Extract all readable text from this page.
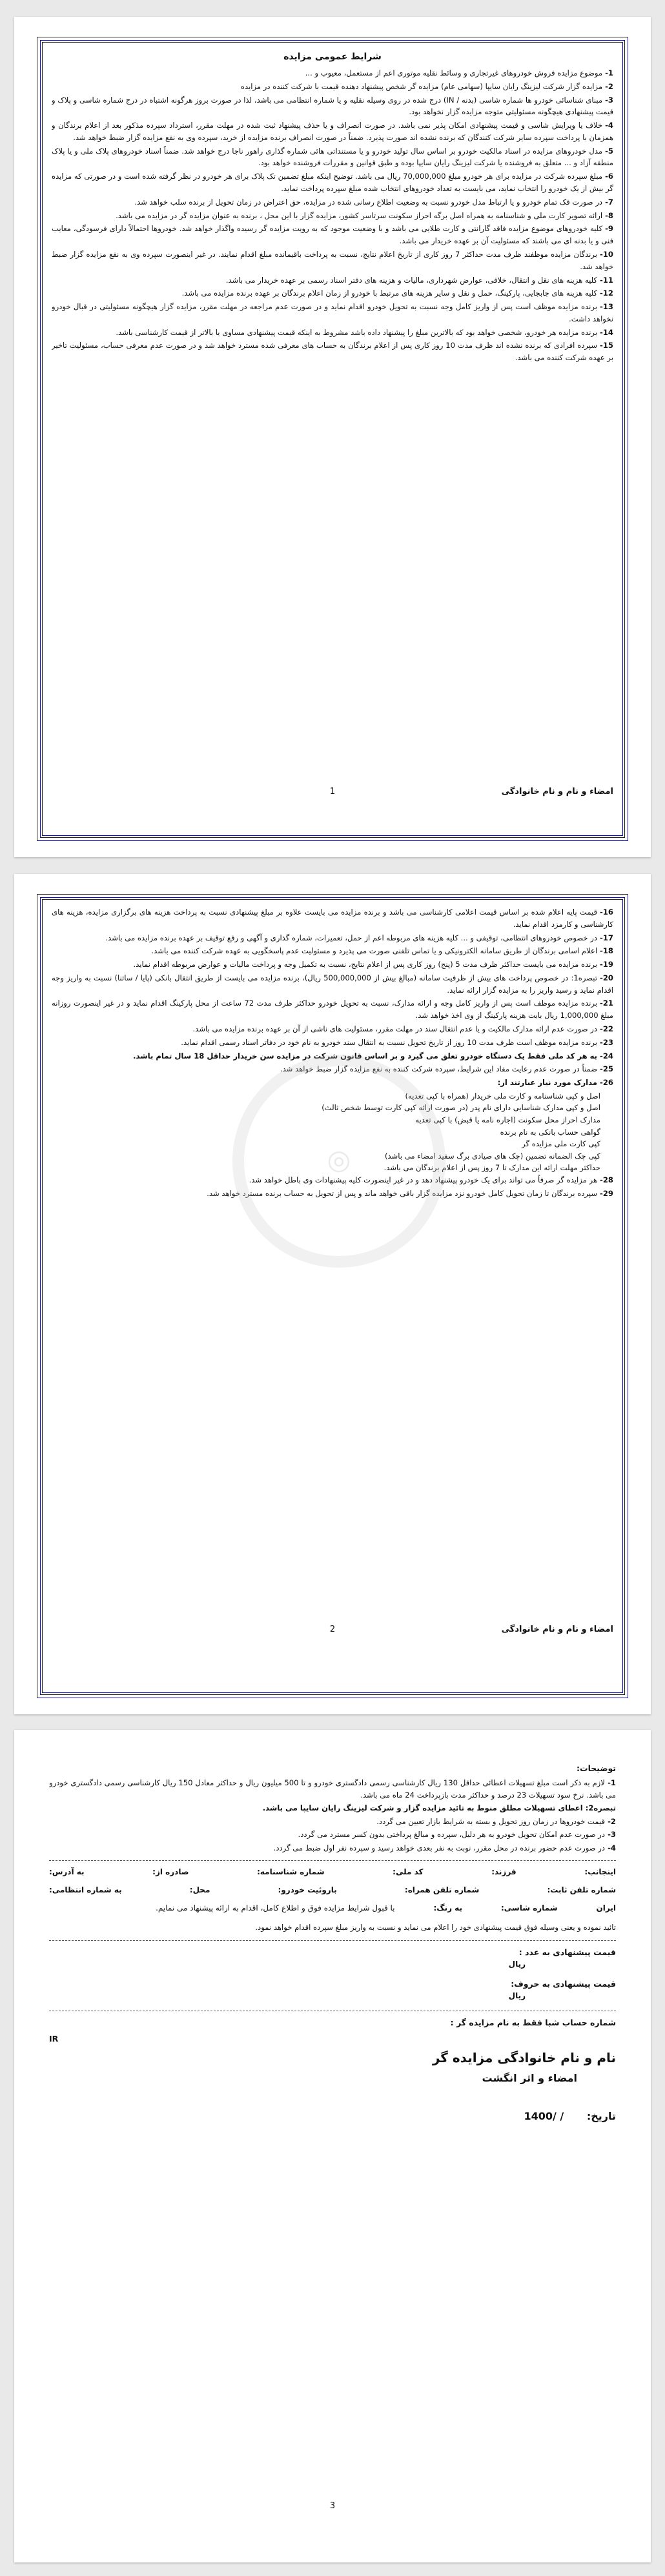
شرایط عمومی مزایده
1-موضوع مزایده فروش خودروهای غیرتجاری و وسائط نقلیه موتوری اعم از مستعمل، معیوب و ...
2-مزایده گزار شرکت لیزینگ رایان سایپا (سهامی عام) مزایده گر شخص پیشنهاد دهنده قیمت با شرکت کننده در مزایده
3-مبنای شناسائی خودرو ها شماره شاسی (بدنه / IN) درج شده در روی وسیله نقلیه و یا شماره انتظامی می باشد، لذا در صورت بروز هرگونه اشتباه در درج شماره شاسی و پلاک و قیمت پیشنهادی هیچگونه مسئولیتی متوجه مزایده گزار نخواهد بود.
4-خلاف یا ویرایش شاسی و قیمت پیشنهادی امکان پذیر نمی باشد. در صورت انصراف و یا حذف پیشنهاد ثبت شده در مهلت مقرر، استرداد سپرده مذکور بعد از اعلام برندگان و همزمان با پرداخت سپرده سایر شرکت کنندگان که برنده نشده اند صورت پذیرد. ضمناً در صورت انصراف برنده مزایده از خرید، سپرده وی به نفع مزایده گزار ضبط خواهد شد.
5-مدل خودروهای مزایده در اسناد مالکیت خودرو بر اساس سال تولید خودرو و یا مستنداتی هائی شماره گذاری راهور ناجا درج خواهد شد. ضمناً اسناد خودروهای پلاک ملی و یا پلاک منطقه آزاد و ... متعلق به فروشنده یا شرکت لیزینگ رایان سایپا بوده و طبق قوانین و مقررات فروشنده خواهد بود.
6-مبلغ سپرده شرکت در مزایده برای هر خودرو مبلغ 70,000,000 ریال می باشد. توضیح اینکه مبلغ تضمین تک پلاک برای هر خودرو در نظر گرفته شده است و در صورتی که مزایده گر بیش از یک خودرو را انتخاب نماید، می بایست به تعداد خودروهای انتخاب شده مبلغ سپرده پرداخت نماید.
7-در صورت فک تمام خودرو و یا ارتباط مدل خودرو نسبت به وضعیت اطلاع رسانی شده در مزایده، حق اعتراض در زمان تحویل از برنده سلب خواهد شد.
8-ارائه تصویر کارت ملی و شناسنامه به همراه اصل برگه احراز سکونت سرتاسر کشور، مزایده گزار با این محل ، برنده به عنوان مزایده گر در مزایده می باشد.
9-کلیه خودروهای موضوع مزایده فاقد گارانتی و کارت طلایی می باشد و با وضعیت موجود که به رویت مزایده گر رسیده واگذار خواهد شد. خودروها احتمالاً دارای فرسودگی، معایب فنی و یا بدنه ای می باشند که مسئولیت آن بر عهده خریدار می باشد.
10-برندگان مزایده موظفند ظرف مدت حداکثر 7 روز کاری از تاریخ اعلام نتایج، نسبت به پرداخت باقیمانده مبلغ اقدام نمایند. در غیر اینصورت سپرده وی به نفع مزایده گزار ضبط خواهد شد.
11-کلیه هزینه های نقل و انتقال، خلافی، عوارض شهرداری، مالیات و هزینه های دفتر اسناد رسمی بر عهده خریدار می باشد.
12-کلیه هزینه های جابجایی، پارکینگ، حمل و نقل و سایر هزینه های مرتبط با خودرو از زمان اعلام برندگان بر عهده برنده مزایده می باشد.
13-برنده مزایده موظف است پس از واریز کامل وجه نسبت به تحویل خودرو اقدام نماید و در صورت عدم مراجعه در مهلت مقرر، مزایده گزار هیچگونه مسئولیتی در قبال خودرو نخواهد داشت.
14-برنده مزایده هر خودرو، شخصی خواهد بود که بالاترین مبلغ را پیشنهاد داده باشد مشروط به اینکه قیمت پیشنهادی مساوی یا بالاتر از قیمت کارشناسی باشد.
15-سپرده افرادی که برنده نشده اند ظرف مدت 10 روز کاری پس از اعلام برندگان به حساب های معرفی شده مسترد خواهد شد و در صورت عدم معرفی حساب، مسئولیت تاخیر بر عهده شرکت کننده می باشد.
امضاء و نام و نام خانوادگی
1
◎
16-قیمت پایه اعلام شده بر اساس قیمت اعلامی کارشناسی می باشد و برنده مزایده می بایست علاوه بر مبلغ پیشنهادی نسبت به پرداخت هزینه های برگزاری مزایده، هزینه های کارشناسی و کارمزد اقدام نماید.
17-در خصوص خودروهای انتظامی، توقیفی و ... کلیه هزینه های مربوطه اعم از حمل، تعمیرات، شماره گذاری و آگهی و رفع توقیف بر عهده برنده مزایده می باشد.
18-اعلام اسامی برندگان از طریق سامانه الکترونیکی و یا تماس تلفنی صورت می پذیرد و مسئولیت عدم پاسخگویی به عهده شرکت کننده می باشد.
19-برنده مزایده می بایست حداکثر ظرف مدت 5 (پنج) روز کاری پس از اعلام نتایج، نسبت به تکمیل وجه و پرداخت مالیات و عوارض مربوطه اقدام نماید.
20-تبصره1: در خصوص پرداخت های بیش از ظرفیت سامانه (مبالغ بیش از 500,000,000 ریال)، برنده مزایده می بایست از طریق انتقال بانکی (پایا / ساتنا) نسبت به واریز وجه اقدام نماید و رسید واریز را به مزایده گزار ارائه نماید.
21-برنده مزایده موظف است پس از واریز کامل وجه و ارائه مدارک، نسبت به تحویل خودرو حداکثر ظرف مدت 72 ساعت از محل پارکینگ اقدام نماید و در غیر اینصورت روزانه مبلغ 1,000,000 ریال بابت هزینه پارکینگ از وی اخذ خواهد شد.
22-در صورت عدم ارائه مدارک مالکیت و یا عدم انتقال سند در مهلت مقرر، مسئولیت های ناشی از آن بر عهده برنده مزایده می باشد.
23-برنده مزایده موظف است ظرف مدت 10 روز از تاریخ تحویل نسبت به انتقال سند خودرو به نام خود در دفاتر اسناد رسمی اقدام نماید.
24-به هر کد ملی فقط یک دستگاه خودرو تعلق می گیرد و بر اساس قانون شرکت در مزایده سن خریدار حداقل 18 سال تمام باشد.
25-ضمناً در صورت عدم رعایت مفاد این شرایط، سپرده شرکت کننده به نفع مزایده گزار ضبط خواهد شد.
26-مدارک مورد نیاز عبارتند از:
اصل و کپی شناسنامه و کارت ملی خریدار (همراه با کپی تعدیه)
اصل و کپی مدارک شناسایی دارای نام پدر (در صورت ارائه کپی کارت توسط شخص ثالث)
مدارک احراز محل سکونت (اجاره نامه یا قبض) با کپی تعدیه
گواهی حساب بانکی به نام برنده
کپی کارت ملی مزایده گر
کپی چک الضمانه تضمین (چک های صیادی برگ سفید امضاء می باشد)
حداکثر مهلت ارائه این مدارک تا 7 روز پس از اعلام برندگان می باشد.
28-هر مزایده گر صرفاً می تواند برای یک خودرو پیشنهاد دهد و در غیر اینصورت کلیه پیشنهادات وی باطل خواهد شد.
29-سپرده برندگان تا زمان تحویل کامل خودرو نزد مزایده گزار باقی خواهد ماند و پس از تحویل به حساب برنده مسترد خواهد شد.
امضاء و نام و نام خانوادگی
2
توضیحات:
1- لازم به ذکر است مبلغ تسهیلات اعطائی حداقل 130 ریال کارشناسی رسمی دادگستری خودرو و تا 500 میلیون ریال و حداکثر معادل 150 ریال کارشناسی رسمی دادگستری خودرو می باشد. نرخ سود تسهیلات 23 درصد و حداکثر مدت بازپرداخت 24 ماه می باشد.
تبصره2: اعطای تسهیلات مطلق منوط به تائید مزایده گزار و شرکت لیزینگ رایان سایپا می باشد.
2- قیمت خودروها در زمان روز تحویل و بسته به شرایط بازار تعیین می گردد.
3- در صورت عدم امکان تحویل خودرو به هر دلیل، سپرده و مبالغ پرداختی بدون کسر مسترد می گردد.
4- در صورت عدم حضور برنده در محل مقرر، نوبت به نفر بعدی خواهد رسید و سپرده نفر اول ضبط می گردد.
اینجانب:
فرزند:
کد ملی:
شماره شناسنامه:
صادره از:
به آدرس:
شماره تلفن ثابت:
شماره تلفن همراه:
باروئیت خودرو:
محل:
به شماره انتظامی:
ایران
شماره شاسی:
به رنگ:
با قبول شرایط مزایده فوق و اطلاع کامل، اقدام به ارائه پیشنهاد می نمایم.
تائید نموده و یعنی وسیله فوق قیمت پیشنهادی خود را اعلام می نماید و نسبت به واریز مبلغ سپرده اقدام خواهد نمود.
قیمت پیشنهادی به عدد :
ریال
قیمت پیشنهادی به حروف:
ریال
شماره حساب شبا فقط به نام مزایده گر :
IR
نام و نام خانوادگی مزایده گر
امضاء و اثر انگشت
تاریخ: / /1400
3
